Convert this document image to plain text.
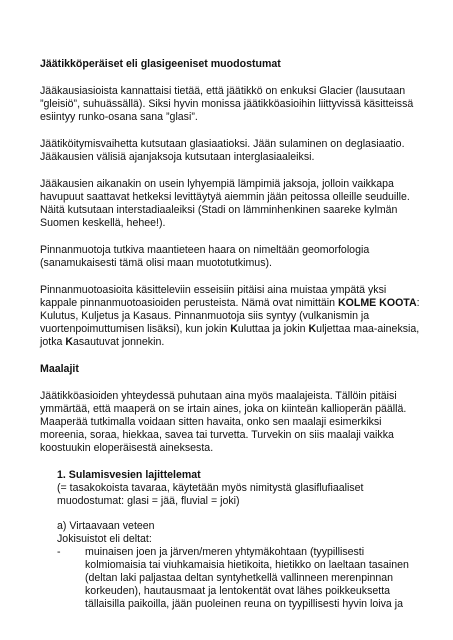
Jäätikköperäiset eli glasigeeniset muodostumat

Jääkausiasioista kannattaisi tietää, että jäätikkö on enkuksi Glacier (lausutaan ”gleisiö”, suhuässällä). Siksi hyvin monissa jäätikköasioihin liittyvissä käsitteissä esiintyy runko-osana sana ”glasi”.

Jäätiköitymisvaihetta kutsutaan glasiaatioksi. Jään sulaminen on deglasiaatio. Jääkausien välisiä ajanjaksoja kutsutaan interglasiaaleiksi.

Jääkausien aikanakin on usein lyhyempiä lämpimiä jaksoja, jolloin vaikkapa havupuut saattavat hetkeksi levittäytyä aiemmin jään peitossa olleille seuduille. Näitä kutsutaan interstadiaaleiksi (Stadi on lämminhenkinen saareke kylmän Suomen keskellä, hehee!).

Pinnanmuotoja tutkiva maantieteen haara on nimeltään geomorfologia (sanamukaisesti tämä olisi maan muototutkimus).

Pinnanmuotoasioita käsitteleviin esseisiin pitäisi aina muistaa ympätä yksi kappale pinnanmuotoasioiden perusteista. Nämä ovat nimittäin KOLME KOOTA: Kulutus, Kuljetus ja Kasaus. Pinnanmuotoja siis syntyy (vulkanismin ja vuortenpoimuttumisen lisäksi), kun jokin Kuluttaa ja jokin Kuljettaa maa-aineksia, jotka Kasautuvat jonnekin.

Maalajit

Jäätikköasioiden yhteydessä puhutaan aina myös maalajeista. Tällöin pitäisi ymmärtää, että maaperä on se irtain aines, joka on kiinteän kallioperän päällä. Maaperää tutkimalla voidaan sitten havaita, onko sen maalaji esimerkiksi moreenia, soraa, hiekkaa, savea tai turvetta. Turvekin on siis maalaji vaikka koostuukin eloperäisestä aineksesta.

1. Sulamisvesien lajittelemat

(= tasakokoista tavaraa, käytetään myös nimitystä glasiflufiaaliset muodostumat: glasi = jää, fluvial = joki)

a) Virtaavaan veteen

Jokisuistot eli deltat:

-	muinaisen joen ja järven/meren yhtymäkohtaan (tyypillisesti kolmiomaisia tai viuhkamaisia hietikoita, hietikko on laeltaan tasainen (deltan laki paljastaa deltan syntyhetkellä vallinneen merenpinnan korkeuden), hautausmaat ja lentokentät ovat lähes poikkeuksetta tällaisilla paikoilla, jään puoleinen reuna on tyypillisesti hyvin loiva ja
